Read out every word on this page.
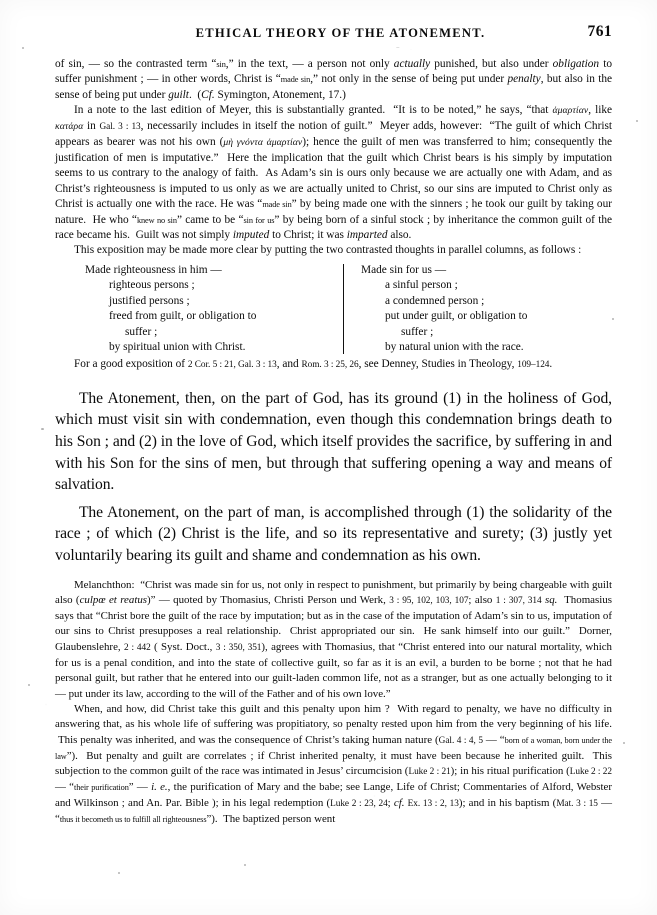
ETHICAL THEORY OF THE ATONEMENT.	761

of sin, — so the contrasted term “sin,” in the text, — a person not only actually punished, but also under obligation to suffer punishment ; — in other words, Christ is “made sin,” not only in the sense of being put under penalty, but also in the sense of being put under guilt.  (Cf. Symington, Atonement, 17.)

In a note to the last edition of Meyer, this is substantially granted.  “It is to be noted,” he says, “that ἁμαρτίαν, like κατάρα in Gal. 3 : 13, necessarily includes in itself the notion of guilt.”  Meyer adds, however:  “The guilt of which Christ appears as bearer was not his own (μὴ γνόντα ἁμαρτίαν); hence the guilt of men was transferred to him; consequently the justification of men is imputative.”  Here the implication that the guilt which Christ bears is his simply by imputation seems to us contrary to the analogy of faith.  As Adam’s sin is ours only because we are actually one with Adam, and as Christ’s righteousness is imputed to us only as we are actually united to Christ, so our sins are imputed to Christ only as Christ is actually one with the race. He was “made sin” by being made one with the sinners ; he took our guilt by taking our nature.  He who “knew no sin” came to be “sin for us” by being born of a sinful stock ; by inheritance the common guilt of the race became his.  Guilt was not simply imputed to Christ; it was imparted also.

This exposition may be made more clear by putting the two contrasted thoughts in parallel columns, as follows :

Made righteousness in him —
righteous persons ;
justified persons ;
freed from guilt, or obligation to
suffer ;
by spiritual union with Christ.
Made sin for us —
a sinful person ;
a condemned person ;
put under guilt, or obligation to
suffer ;
by natural union with the race.

For a good exposition of 2 Cor. 5 : 21, Gal. 3 : 13, and Rom. 3 : 25, 26, see Denney, Studies in Theology, 109–124.

The Atonement, then, on the part of God, has its ground (1) in the holiness of God, which must visit sin with condemnation, even though this condemnation brings death to his Son ; and (2) in the love of God, which itself provides the sacrifice, by suffering in and with his Son for the sins of men, but through that suffering opening a way and means of salvation.

The Atonement, on the part of man, is accomplished through (1) the solidarity of the race ; of which (2) Christ is the life, and so its representative and surety; (3) justly yet voluntarily bearing its guilt and shame and condemnation as his own.

Melanchthon:  “Christ was made sin for us, not only in respect to punishment, but primarily by being chargeable with guilt also (culpœ et reatus)” — quoted by Thomasius, Christi Person und Werk, 3 : 95, 102, 103, 107; also 1 : 307, 314 sq.  Thomasius says that “Christ bore the guilt of the race by imputation; but as in the case of the imputation of Adam’s sin to us, imputation of our sins to Christ presupposes a real relationship.  Christ appropriated our sin.  He sank himself into our guilt.”  Dorner, Glaubenslehre, 2 : 442 ( Syst. Doct., 3 : 350, 351), agrees with Thomasius, that “Christ entered into our natural mortality, which for us is a penal condition, and into the state of collective guilt, so far as it is an evil, a burden to be borne ; not that he had personal guilt, but rather that he entered into our guilt-laden common life, not as a stranger, but as one actually belonging to it — put under its law, according to the will of the Father and of his own love.”

When, and how, did Christ take this guilt and this penalty upon him ?  With regard to penalty, we have no difficulty in answering that, as his whole life of suffering was propitiatory, so penalty rested upon him from the very beginning of his life.  This penalty was inherited, and was the consequence of Christ’s taking human nature (Gal. 4 : 4, 5 — “born of a woman, born under the law”).  But penalty and guilt are correlates ; if Christ inherited penalty, it must have been because he inherited guilt.  This subjection to the common guilt of the race was intimated in Jesus’ circumcision (Luke 2 : 21); in his ritual purification (Luke 2 : 22 — “their purification” — i. e., the purification of Mary and the babe; see Lange, Life of Christ; Commentaries of Alford, Webster and Wilkinson ; and An. Par. Bible ); in his legal redemption (Luke 2 : 23, 24; cf. Ex. 13 : 2, 13); and in his baptism (Mat. 3 : 15 — “thus it becometh us to fulfill all righteousness”).  The baptized person went
